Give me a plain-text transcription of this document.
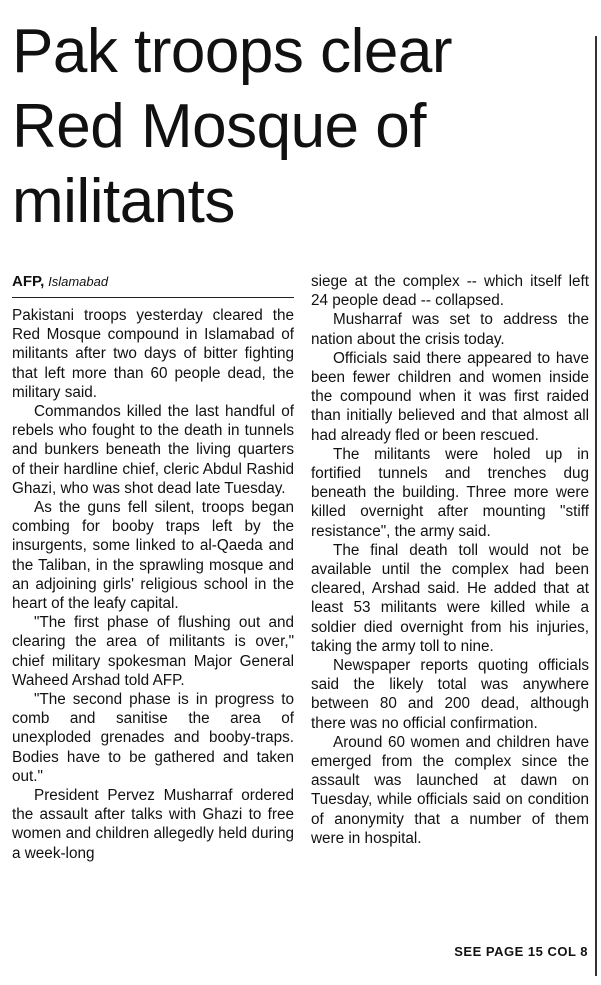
Pak troops clear
Red Mosque of
militants
AFP, Islamabad

Pakistani troops yesterday cleared the Red Mosque compound in Islamabad of militants after two days of bitter fighting that left more than 60 people dead, the military said.

Commandos killed the last handful of rebels who fought to the death in tunnels and bunkers beneath the living quarters of their hardline chief, cleric Abdul Rashid Ghazi, who was shot dead late Tuesday.

As the guns fell silent, troops began combing for booby traps left by the insurgents, some linked to al-Qaeda and the Taliban, in the sprawling mosque and an adjoining girls' religious school in the heart of the leafy capital.

"The first phase of flushing out and clearing the area of militants is over," chief military spokesman Major General Waheed Arshad told AFP.

"The second phase is in progress to comb and sanitise the area of unexploded grenades and booby-traps. Bodies have to be gathered and taken out."

President Pervez Musharraf ordered the assault after talks with Ghazi to free women and children allegedly held during a week-long

siege at the complex -- which itself left 24 people dead -- collapsed.

Musharraf was set to address the nation about the crisis today.

Officials said there appeared to have been fewer children and women inside the compound when it was first raided than initially believed and that almost all had already fled or been rescued.

The militants were holed up in fortified tunnels and trenches dug beneath the building. Three more were killed overnight after mounting "stiff resistance", the army said.

The final death toll would not be available until the complex had been cleared, Arshad said. He added that at least 53 militants were killed while a soldier died overnight from his injuries, taking the army toll to nine.

Newspaper reports quoting officials said the likely total was anywhere between 80 and 200 dead, although there was no official confirmation.

Around 60 women and children have emerged from the complex since the assault was launched at dawn on Tuesday, while officials said on condition of anonymity that a number of them were in hospital.

SEE PAGE 15 COL 8
